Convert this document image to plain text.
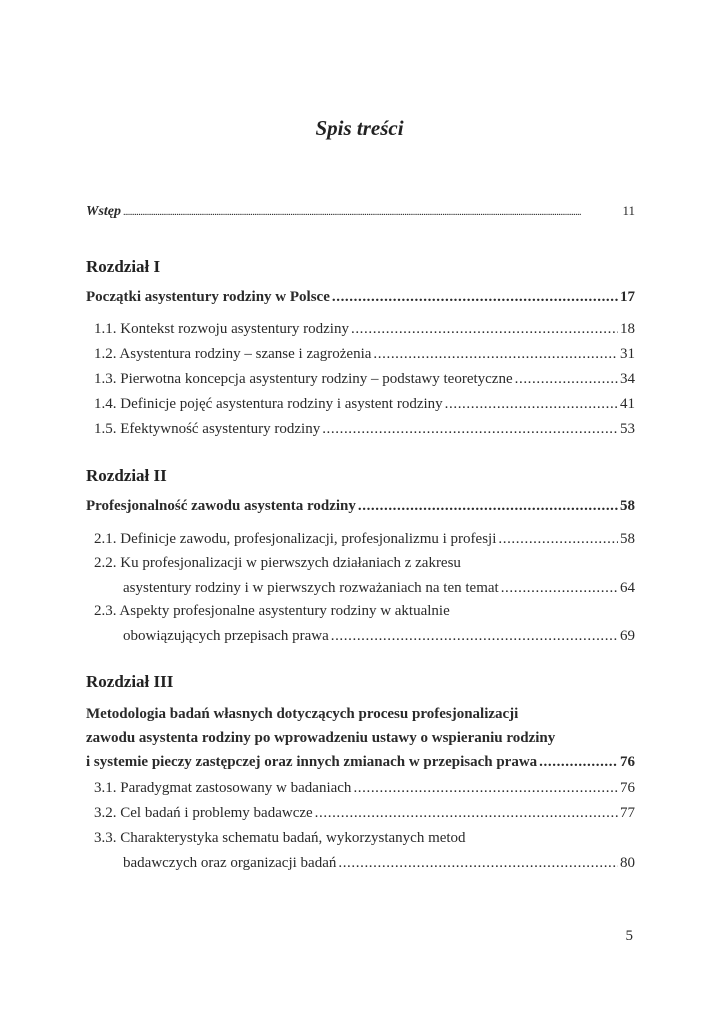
Spis treści
Wstęp .....	11
Rozdział I
Początki asystentury rodziny w Polsce .....	17
1.1. Kontekst rozwoju asystentury rodziny .....	18
1.2. Asystentura rodziny – szanse i zagrożenia .....	31
1.3. Pierwotna koncepcja asystentury rodziny – podstawy teoretyczne .....	34
1.4. Definicje pojęć asystentura rodziny i asystent rodziny .....	41
1.5. Efektywność asystentury rodziny .....	53
Rozdział II
Profesjonalność zawodu asystenta rodziny .....	58
2.1. Definicje zawodu, profesjonalizacji, profesjonalizmu i profesji .....	58
2.2. Ku profesjonalizacji w pierwszych działaniach z zakresu
asystentury rodziny i w pierwszych rozważaniach na ten temat .....	64
2.3. Aspekty profesjonalne asystentury rodziny w aktualnie
obowiązujących przepisach prawa .....	69
Rozdział III
Metodologia badań własnych dotyczących procesu profesjonalizacji
zawodu asystenta rodziny po wprowadzeniu ustawy o wspieraniu rodziny
i systemie pieczy zastępczej oraz innych zmianach w przepisach prawa .....	76
3.1. Paradygmat zastosowany w badaniach .....	76
3.2. Cel badań i problemy badawcze .....	77
3.3. Charakterystyka schematu badań, wykorzystanych metod
badawczych oraz organizacji badań .....	80
5
